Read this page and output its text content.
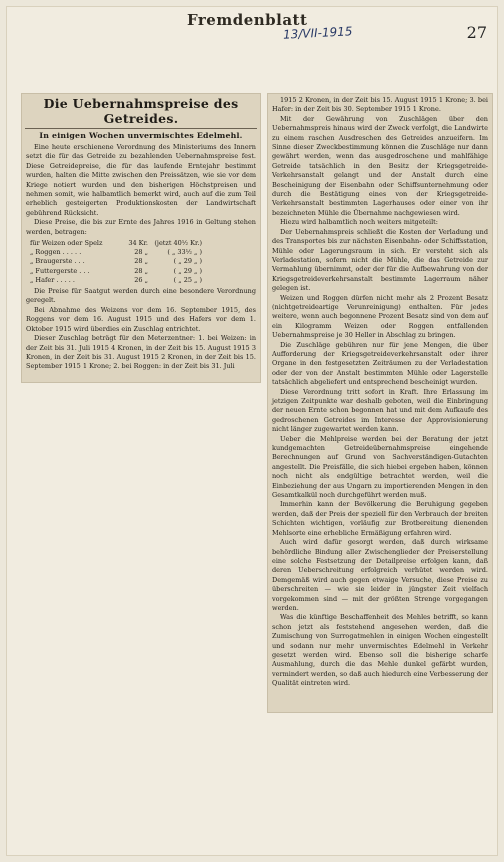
Fremdenblatt
13/VII-1915	27
Die Uebernahmspreise des Getreides.
In einigen Wochen unvermischtes Edelmehl.

Eine heute erschienene Verordnung des Ministeriums des Innern setzt die für das Getreide zu bezahlenden Uebernahmspreise fest. Diese Getreidepreise, die für das laufende Erntejahr bestimmt wurden, halten die Mitte zwischen den Preissätzen, wie sie vor dem Kriege notiert wurden und den bisherigen Höchstpreisen und nehmen somit, wie halbamtlich bemerkt wird, auch auf die zum Teil erheblich gesteigerten Produktionskosten der Landwirtschaft gebührend Rücksicht.

Diese Preise, die bis zur Ernte des Jahres 1916 in Geltung stehen werden, betragen:

für Weizen oder Spelz	34 Kr. (jetzt 40½ Kr.)
„ Roggen . . . . .	28 „	( „ 33½ „ )
„ Braugerste . . .	28 „	( „ 29 „ )
„ Futtergerste . . .	28 „	( „ 29 „ )
„ Hafer . . . . .	26 „	( „ 25 „ )

Die Preise für Saatgut werden durch eine besondere Verordnung geregelt.

Bei Abnahme des Weizens vor dem 16. September 1915, des Roggens vor dem 16. August 1915 und des Hafers vor dem 1. Oktober 1915 wird überdies ein Zuschlag entrichtet.

Dieser Zuschlag beträgt für den Meterzentner: 1. bei Weizen: in der Zeit bis 31. Juli 1915 4 Kronen, in der Zeit bis 15. August 1915 3 Kronen, in der Zeit bis 31. August 1915 2 Kronen, in der Zeit bis 15. September 1915 1 Krone; 2. bei Roggen: in der Zeit bis 31. Juli

1915 2 Kronen, in der Zeit bis 15. August 1915 1 Krone; 3. bei Hafer: in der Zeit bis 30. September 1915 1 Krone.

Mit der Gewährung von Zuschlägen über den Uebernahmspreis hinaus wird der Zweck verfolgt, die Landwirte zu einem raschen Ausdreschen des Getreides anzueifern. Im Sinne dieser Zweckbestimmung können die Zuschläge nur dann gewährt werden, wenn das ausgedroschene und mahlfähige Getreide tatsächlich in den Besitz der Kriegsgetreide-Verkehrsanstalt gelangt und der Anstalt durch eine Bescheinigung der Eisenbahn oder Schiffsunternehmung oder durch die Bestätigung eines von der Kriegsgetreide-Verkehrsanstalt bestimmten Lagerhauses oder einer von ihr bezeichneten Mühle die Übernahme nachgewiesen wird.

Hiezu wird halbamtlich noch weiters mitgeteilt:

Der Uebernahmspreis schließt die Kosten der Verladung und des Transportes bis zur nächsten Eisenbahn- oder Schiffsstation, Mühle oder Lagerungsraum in sich. Er versteht sich als Verladestation, sofern nicht die Mühle, die das Getreide zur Vermahlung übernimmt, oder der für die Aufbewahrung von der Kriegsgetreideverkehrsanstalt bestimmte Lagerraum näher gelegen ist.

Weizen und Roggen dürfen nicht mehr als 2 Prozent Besatz (nichtgetreideartige Verunreinigung) enthalten. Für jedes weitere, wenn auch begonnene Prozent Besatz sind von dem auf ein Kilogramm Weizen oder Roggen entfallenden Uebernahmspreise je 30 Heller in Abschlag zu bringen.

Die Zuschläge gebühren nur für jene Mengen, die über Aufforderung der Kriegsgetreideverkehrsanstalt oder ihrer Organe in den festgesetzten Zeiträumen zu der Verladestation oder der von der Anstalt bestimmten Mühle oder Lagerstelle tatsächlich abgeliefert und entsprechend bescheinigt wurden.

Diese Verordnung tritt sofort in Kraft. Ihre Erlassung im jetzigen Zeitpunkte war deshalb geboten, weil die Einbringung der neuen Ernte schon begonnen hat und mit dem Aufkaufe des gedroschenen Getreides im Interesse der Approvisionierung nicht länger zugewartet werden kann.

Ueber die Mehlpreise werden bei der Beratung der jetzt kundgemachten Getreideübernahmspreise eingehende Berechnungen auf Grund von Sachverständigen-Gutachten angestellt. Die Preisfälle, die sich hiebei ergeben haben, können noch nicht als endgültige betrachtet werden, weil die Einbeziehung der aus Ungarn zu importierenden Mengen in den Gesamtkalkül noch durchgeführt werden muß.

Immerhin kann der Bevölkerung die Beruhigung gegeben werden, daß der Preis der speziell für den Verbrauch der breiten Schichten wichtigen, vorläufig zur Brotbereitung dienenden Mehlsorte eine erhebliche Ermäßigung erfahren wird.

Auch wird dafür gesorgt werden, daß durch wirksame behördliche Bindung aller Zwischenglieder der Preiserstellung eine solche Festsetzung der Detailpreise erfolgen kann, daß deren Ueberschreitung erfolgreich verhütet werden wird. Demgemäß wird auch gegen etwaige Versuche, diese Preise zu überschreiten — wie sie leider in jüngster Zeit vielfach vorgekommen sind — mit der größten Strenge vorgegangen werden.

Was die künftige Beschaffenheit des Mehles betrifft, so kann schon jetzt als feststehend angesehen werden, daß die Zumischung von Surrogatmehlen in einigen Wochen eingestellt und sodann nur mehr unvermischtes Edelmehl in Verkehr gesetzt werden wird. Ebenso soll die bisherige scharfe Ausmahlung, durch die das Mehle dunkel gefärbt wurden, vermindert werden, so daß auch hiedurch eine Verbesserung der Qualität eintreten wird.
